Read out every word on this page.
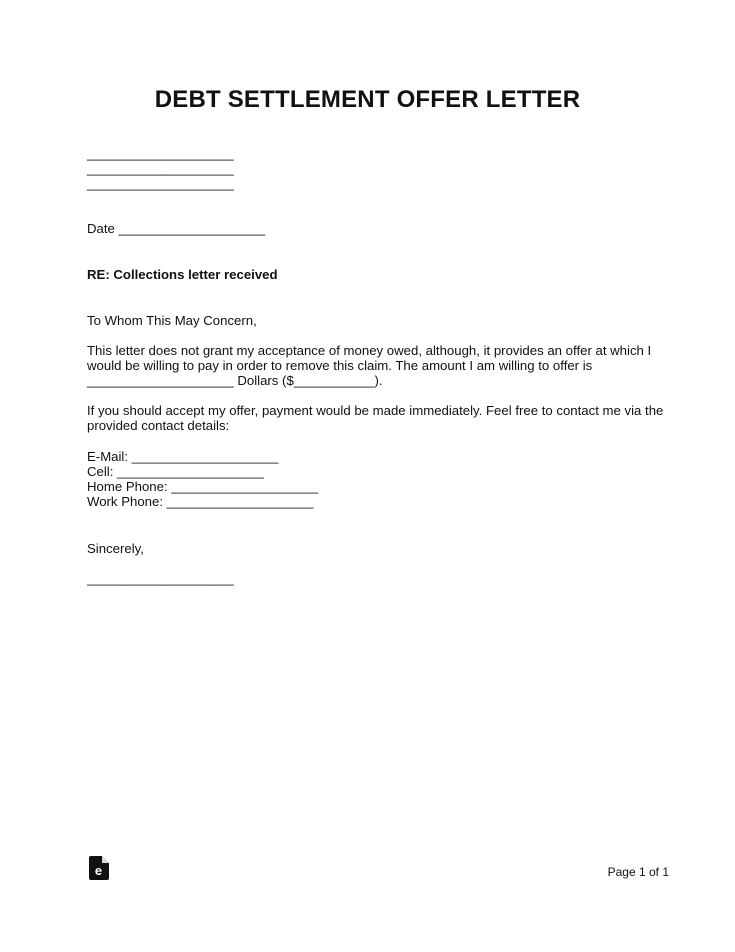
DEBT SETTLEMENT OFFER LETTER
____________________
____________________
____________________
Date ____________________
RE: Collections letter received
To Whom This May Concern,
This letter does not grant my acceptance of money owed, although, it provides an offer at which I would be willing to pay in order to remove this claim. The amount I am willing to offer is
____________________ Dollars ($___________).

If you should accept my offer, payment would be made immediately. Feel free to contact me via the provided contact details:

E-Mail: ____________________
Cell: ____________________
Home Phone: ____________________
Work Phone: ____________________
Sincerely,
____________________
e	Page 1 of 1
